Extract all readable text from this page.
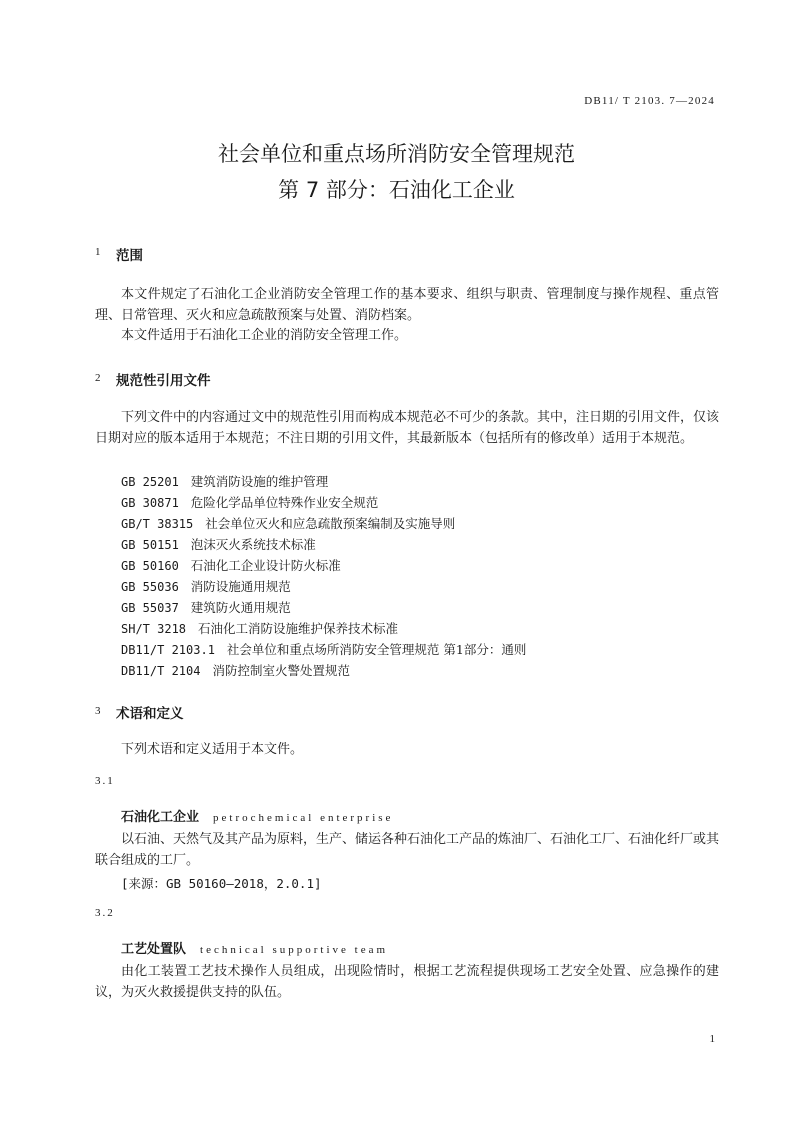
DB11/ T 2103. 7—2024
社会单位和重点场所消防安全管理规范
第 7 部分：石油化工企业
1 范围
本文件规定了石油化工企业消防安全管理工作的基本要求、组织与职责、管理制度与操作规程、重点管理、日常管理、灭火和应急疏散预案与处置、消防档案。
本文件适用于石油化工企业的消防安全管理工作。
2 规范性引用文件
下列文件中的内容通过文中的规范性引用而构成本规范必不可少的条款。其中，注日期的引用文件，仅该日期对应的版本适用于本规范；不注日期的引用文件，其最新版本（包括所有的修改单）适用于本规范。
GB 25201 建筑消防设施的维护管理
GB 30871 危险化学品单位特殊作业安全规范
GB/T 38315 社会单位灭火和应急疏散预案编制及实施导则
GB 50151 泡沫灭火系统技术标准
GB 50160 石油化工企业设计防火标准
GB 55036 消防设施通用规范
GB 55037 建筑防火通用规范
SH/T 3218 石油化工消防设施维护保养技术标准
DB11/T 2103.1 社会单位和重点场所消防安全管理规范 第1部分：通则
DB11/T 2104 消防控制室火警处置规范
3 术语和定义
下列术语和定义适用于本文件。
3.1
石油化工企业 petrochemical enterprise
以石油、天然气及其产品为原料，生产、储运各种石油化工产品的炼油厂、石油化工厂、石油化纤厂或其联合组成的工厂。
[来源：GB 50160—2018，2.0.1]
3.2
工艺处置队 technical supportive team
由化工装置工艺技术操作人员组成，出现险情时，根据工艺流程提供现场工艺安全处置、应急操作的建议，为灭火救援提供支持的队伍。
1
